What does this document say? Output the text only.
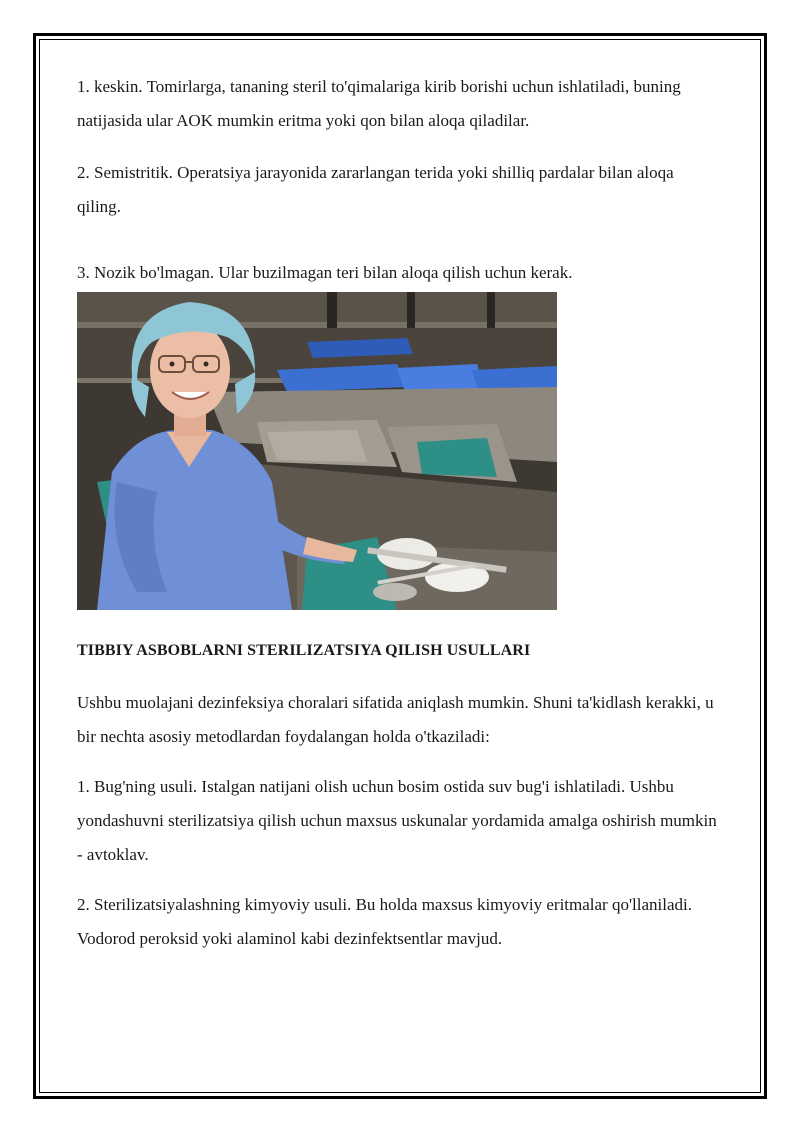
1. keskin. Tomirlarga, tananing steril to'qimalariga kirib borishi uchun ishlatiladi, buning natijasida ular AOK mumkin eritma yoki qon bilan aloqa qiladilar.

2. Semistritik. Operatsiya jarayonida zararlangan terida yoki shilliq pardalar bilan aloqa qiling.

3. Nozik bo'lmagan. Ular buzilmagan teri bilan aloqa qilish uchun kerak.

TIBBIY ASBOBLARNI STERILIZATSIYA QILISH USULLARI

Ushbu muolajani dezinfeksiya choralari sifatida aniqlash mumkin. Shuni ta'kidlash kerakki, u bir nechta asosiy metodlardan foydalangan holda o'tkaziladi:

1. Bug'ning usuli. Istalgan natijani olish uchun bosim ostida suv bug'i ishlatiladi. Ushbu yondashuvni sterilizatsiya qilish uchun maxsus uskunalar yordamida amalga oshirish mumkin - avtoklav.

2. Sterilizatsiyalashning kimyoviy usuli. Bu holda maxsus kimyoviy eritmalar qo'llaniladi. Vodorod peroksid yoki alaminol kabi dezinfektsentlar mavjud.
